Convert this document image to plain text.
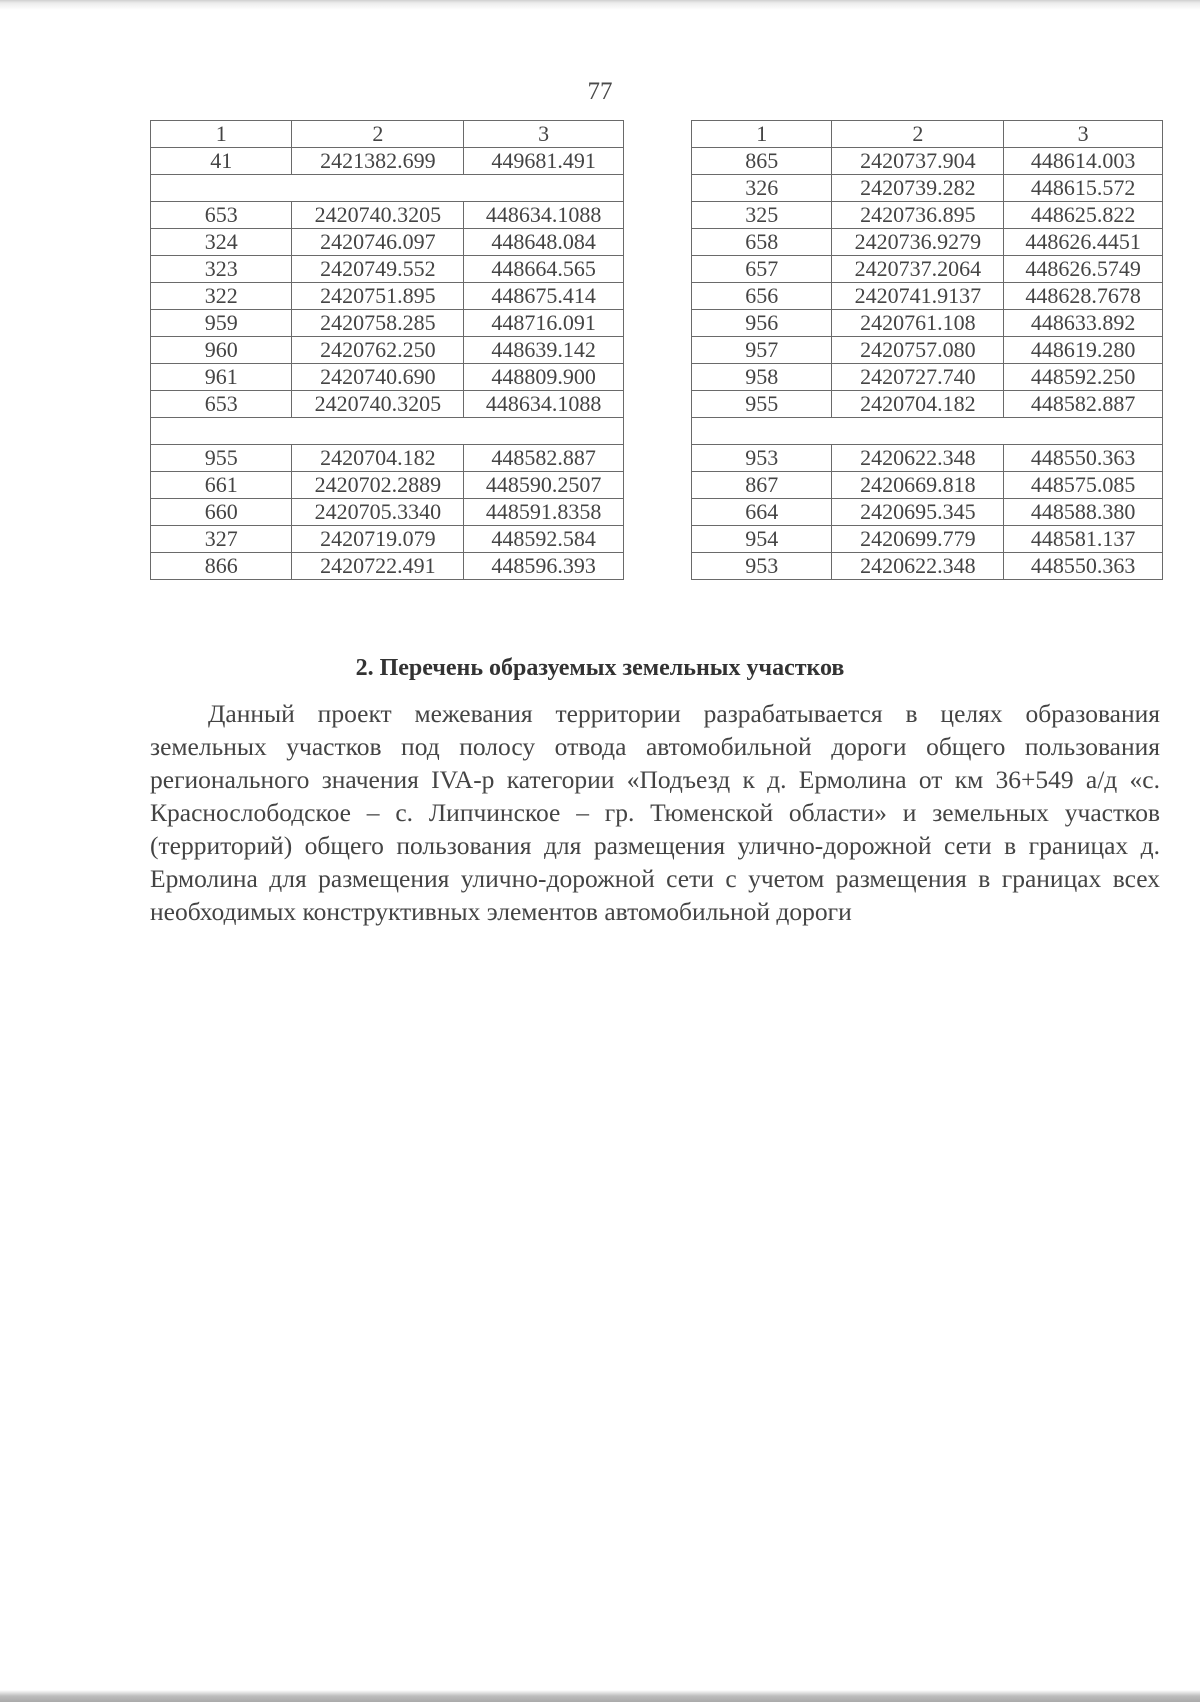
77
1	2	3
41	2421382.699	449681.491

653	2420740.3205	448634.1088
324	2420746.097	448648.084
323	2420749.552	448664.565
322	2420751.895	448675.414
959	2420758.285	448716.091
960	2420762.250	448639.142
961	2420740.690	448809.900
653	2420740.3205	448634.1088

955	2420704.182	448582.887
661	2420702.2889	448590.2507
660	2420705.3340	448591.8358
327	2420719.079	448592.584
866	2420722.491	448596.393
1	2	3
865	2420737.904	448614.003
326	2420739.282	448615.572
325	2420736.895	448625.822
658	2420736.9279	448626.4451
657	2420737.2064	448626.5749
656	2420741.9137	448628.7678
956	2420761.108	448633.892
957	2420757.080	448619.280
958	2420727.740	448592.250
955	2420704.182	448582.887

953	2420622.348	448550.363
867	2420669.818	448575.085
664	2420695.345	448588.380
954	2420699.779	448581.137
953	2420622.348	448550.363
2. Перечень образуемых земельных участков

Данный проект межевания территории разрабатывается в целях образования земельных участков под полосу отвода автомобильной дороги общего пользования регионального значения IVA-р категории «Подъезд к д. Ермолина от км 36+549 а/д «с. Краснослободское – с. Липчинское – гр. Тюменской области» и земельных участков (территорий) общего пользования для размещения улично-дорожной сети в границах д. Ермолина для размещения улично-дорожной сети с учетом размещения в границах всех необходимых конструктивных элементов автомобильной дороги
